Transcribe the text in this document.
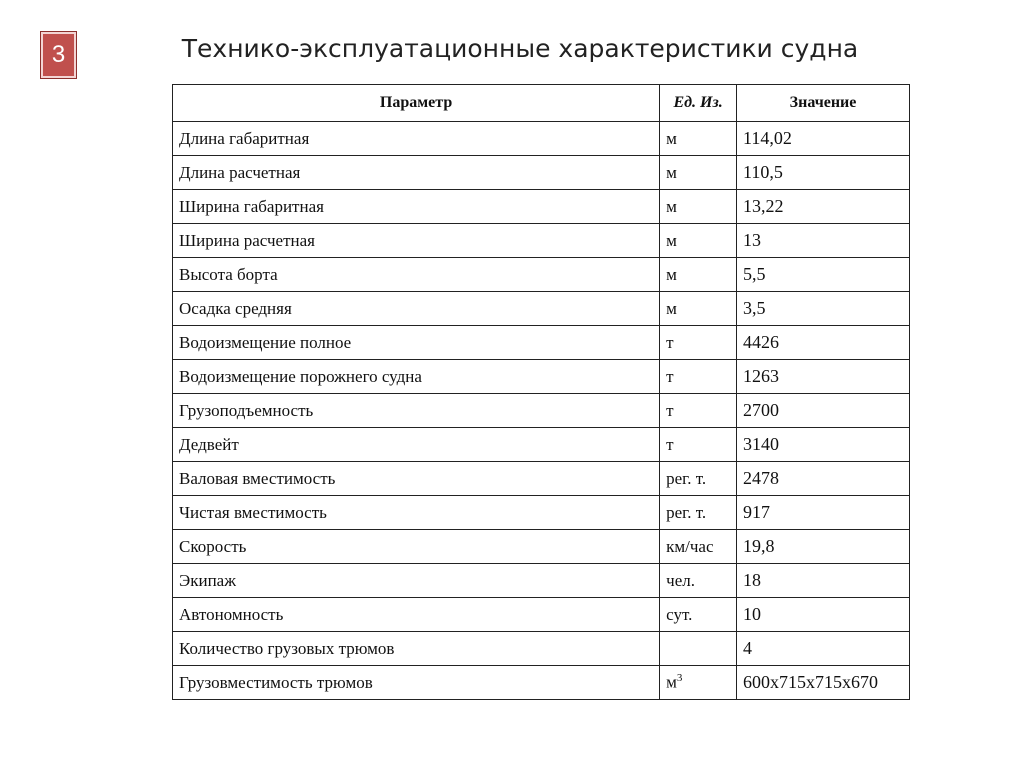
3	Технико-эксплуатационные характеристики судна
Параметр	Ед. Из.	Значение
Длина габаритная	м	114,02
Длина расчетная	м	110,5
Ширина габаритная	м	13,22
Ширина расчетная	м	13
Высота борта	м	5,5
Осадка средняя	м	3,5
Водоизмещение полное	т	4426
Водоизмещение порожнего судна	т	1263
Грузоподъемность	т	2700
Дедвейт	т	3140
Валовая вместимость	рег. т.	2478
Чистая вместимость	рег. т.	917
Скорость	км/час	19,8
Экипаж	чел.	18
Автономность	сут.	10
Количество грузовых трюмов		4
Грузовместимость трюмов	$м^3$	600х715х715х670
